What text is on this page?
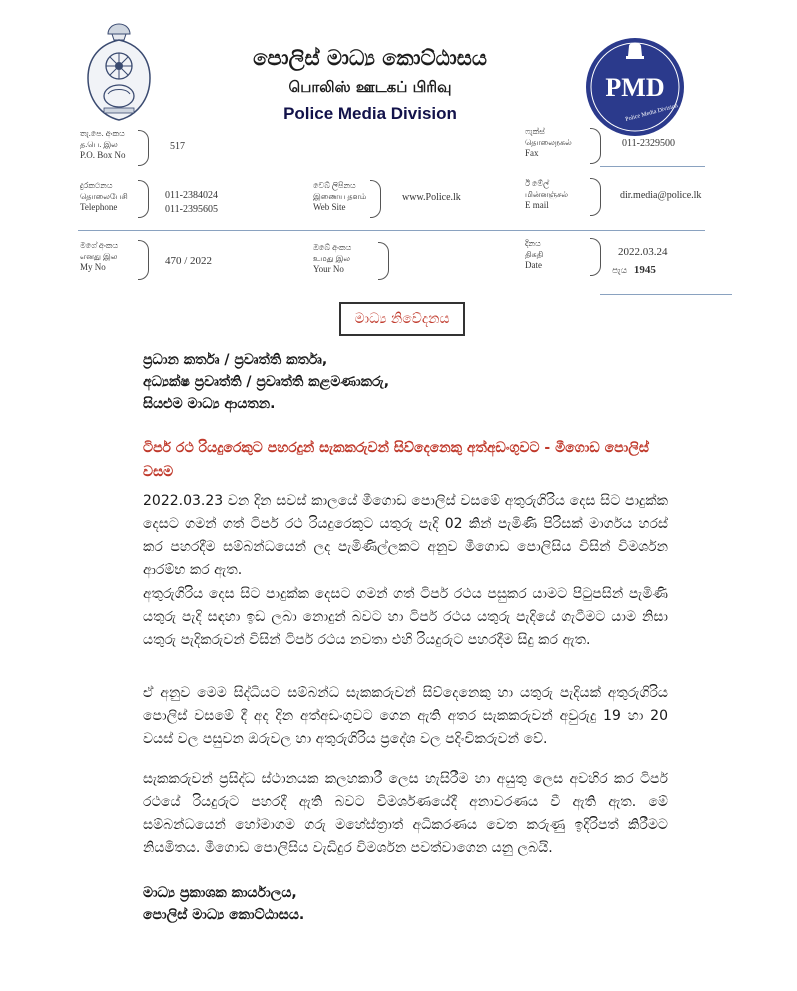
PMD
Police Media Division
පොලිස් මාධ්‍ය කොට්ඨාසය
பொலிஸ் ஊடகப் பிரிவு
Police Media Division
තැ.පෙ. අංකය
த.பெ. இல
P.O. Box No
517
ෆැක්ස්
தொலைநகல்
Fax
011-2329500
දුරකථනය
தொலைபேசி
Telephone
011-2384024
011-2395605
වෙබ් ලිපිනය
இணைய தளம்
Web Site
www.Police.lk
ඊ මේල්
மின்னஞ்சல்
E mail
dir.media@police.lk
මගේ අංකය
எனது இல
My No	470 / 2022
ඔබේ අංකය
உமது இல
Your No
දිනය
திகதி
Date
2022.03.24
පැය 1945
මාධ්‍ය නිවේදනය
ප්‍රධාන කර්තෘ / ප්‍රවෘත්ති කර්තෘ,
අධ්‍යක්ෂ ප්‍රවෘත්ති / ප්‍රවෘත්ති කළමණාකරු,
සියළුම මාධ්‍ය ආයතන.
ටිපර් රථ රියදුරෙකුට පහරදුන් සැකකරුවන් සිව්දෙනෙකු අත්අඩංගුවට - මීගොඩ පොලිස් වසම
2022.03.23 වන දින සවස් කාලයේ මීගොඩ පොලිස් වසමේ අතුරුගිරිය දෙස සිට පාදුක්ක දෙසට ගමන් ගත් ටිපර් රථ රියදුරෙකුට යතුරු පැදි 02 කින් පැමිණි පිරිසක් මාර්ගය හරස් කර පහරදීම සම්බන්ධයෙන් ලද පැමිණිල්ලකට අනුව මීගොඩ පොලිසිය විසින් විමර්ශන ආරම්භ කර ඇත.
අතුරුගිරිය දෙස සිට පාදුක්ක දෙසට ගමන් ගත් ටිපර් රථය පසුකර යාමට පිටුපසින් පැමිණි යතුරු පැදි සඳහා ඉඩ ලබා නොදුන් බවට හා ටිපර් රථය යතුරු පැදියේ ගැටීමට යාම නිසා යතුරු පැදිකරුවන් විසින් ටිපර් රථය නවතා එහි රියදුරුට පහරදීම සිදු කර ඇත.
ඒ අනුව මෙම සිද්ධියට සම්බන්ධ සැකකරුවන් සිව්දෙනෙකු හා යතුරු පැදියක් අතුරුගිරිය පොලිස් වසමේ දී අද දින අත්අඩංගුවට ගෙන ඇති අතර සැකකරුවන් අවුරුදු 19 හා 20 වයස් වල පසුවන ඔරුවල හා අතුරුගිරිය ප්‍රදේශ වල පදිංචිකරුවන් වේ.
සැකකරුවන් ප්‍රසිද්ධ ස්ථානයක කලහකාරී ලෙස හැසිරීම හා අයුතු ලෙස අවහිර කර ටිපර් රථයේ රියදුරුට පහරදී ඇති බවට විමර්ශණයේදී අනාවරණය වී ඇති ඇත. මේ සම්බන්ධයෙන් හෝමාගම ගරු මහේස්ත්‍රාත් අධිකරණය වෙත කරුණු ඉදිරිපත් කිරීමට නියමිතය. මීගොඩ පොලිසිය වැඩිදුර විමර්ශන පවත්වාගෙන යනු ලබයි.
මාධ්‍ය ප්‍රකාශක කාර්යාලය,
පොලිස් මාධ්‍ය කොට්ඨාසය.
